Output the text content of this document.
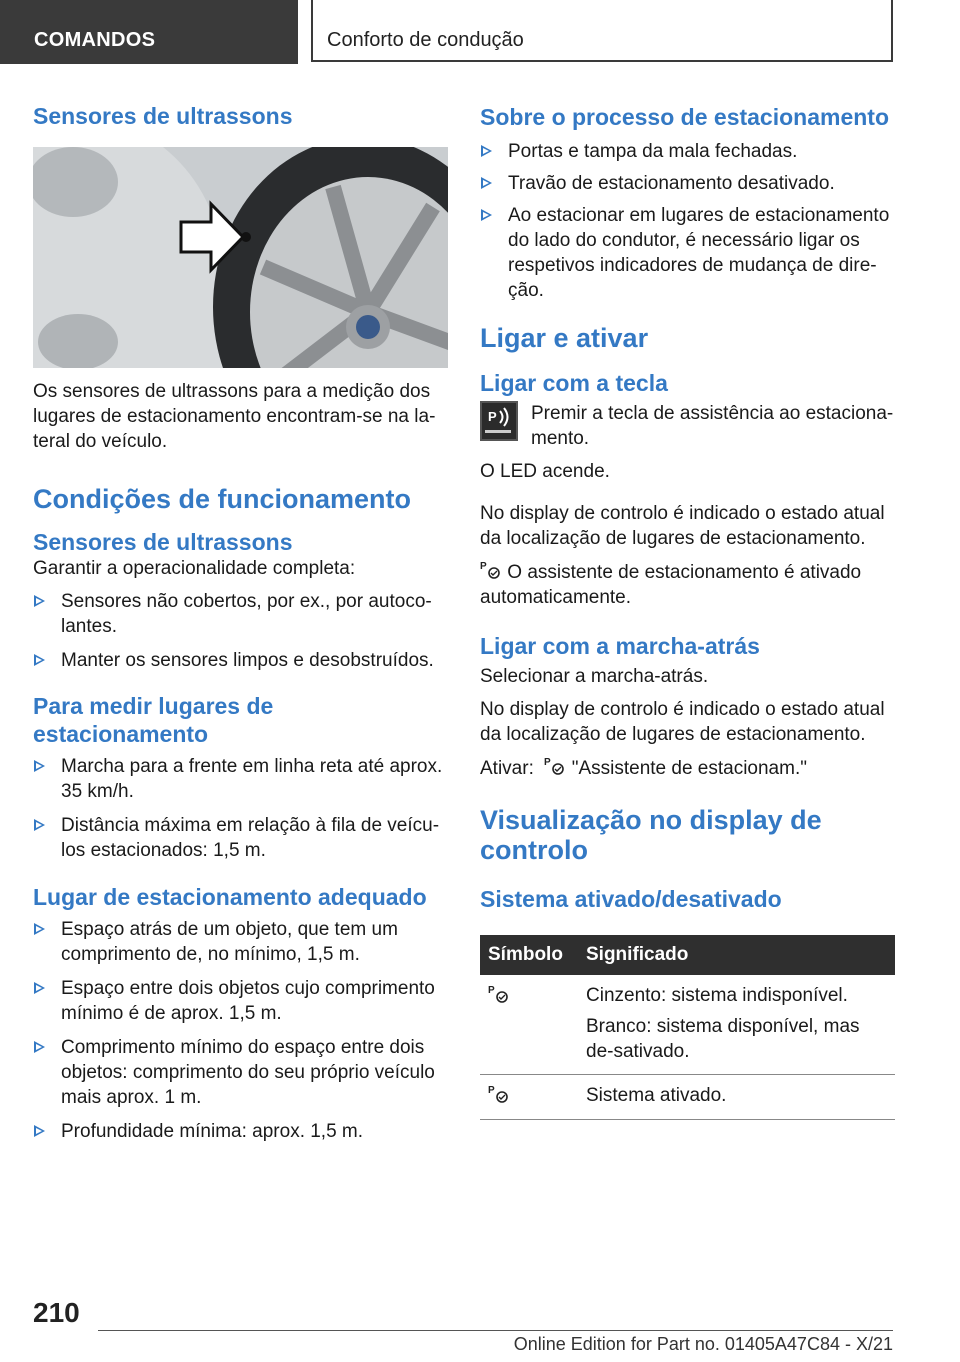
COMANDOS	Conforto de condução
Sensores de ultrassons

Os sensores de ultrassons para a medição dos lugares de estacionamento encontram-se na la-teral do veículo.

Condições de funcionamento
Sensores de ultrassons

Garantir a operacionalidade completa:

Sensores não cobertos, por ex., por autoco-lantes.
Manter os sensores limpos e desobstruídos.
Para medir lugares de estacionamento
Marcha para a frente em linha reta até aprox. 35 km/h.
Distância máxima em relação à fila de veícu-los estacionados: 1,5 m.
Lugar de estacionamento adequado
Espaço atrás de um objeto, que tem um comprimento de, no mínimo, 1,5 m.
Espaço entre dois objetos cujo comprimento mínimo é de aprox. 1,5 m.
Comprimento mínimo do espaço entre dois objetos: comprimento do seu próprio veículo mais aprox. 1 m.
Profundidade mínima: aprox. 1,5 m.
Sobre o processo de estacionamento
Portas e tampa da mala fechadas.
Travão de estacionamento desativado.
Ao estacionar em lugares de estacionamento do lado do condutor, é necessário ligar os respetivos indicadores de mudança de dire-ção.
Ligar e ativar
Ligar com a tecla
P Premir a tecla de assistência ao estaciona-mento.

O LED acende.

No display de controlo é indicado o estado atual da localização de lugares de estacionamento.

P O assistente de estacionamento é ativado automaticamente.

Ligar com a marcha-atrás

Selecionar a marcha-atrás.

No display de controlo é indicado o estado atual da localização de lugares de estacionamento.

Ativar: P "Assistente de estacionam."

Visualização no display de controlo
Sistema ativado/desativado
Símbolo	Significado

P	Cinzento: sistema indisponível.

Branco: sistema disponível, mas de-sativado.

P	Sistema ativado.
210
Online Edition for Part no. 01405A47C84 - X/21
